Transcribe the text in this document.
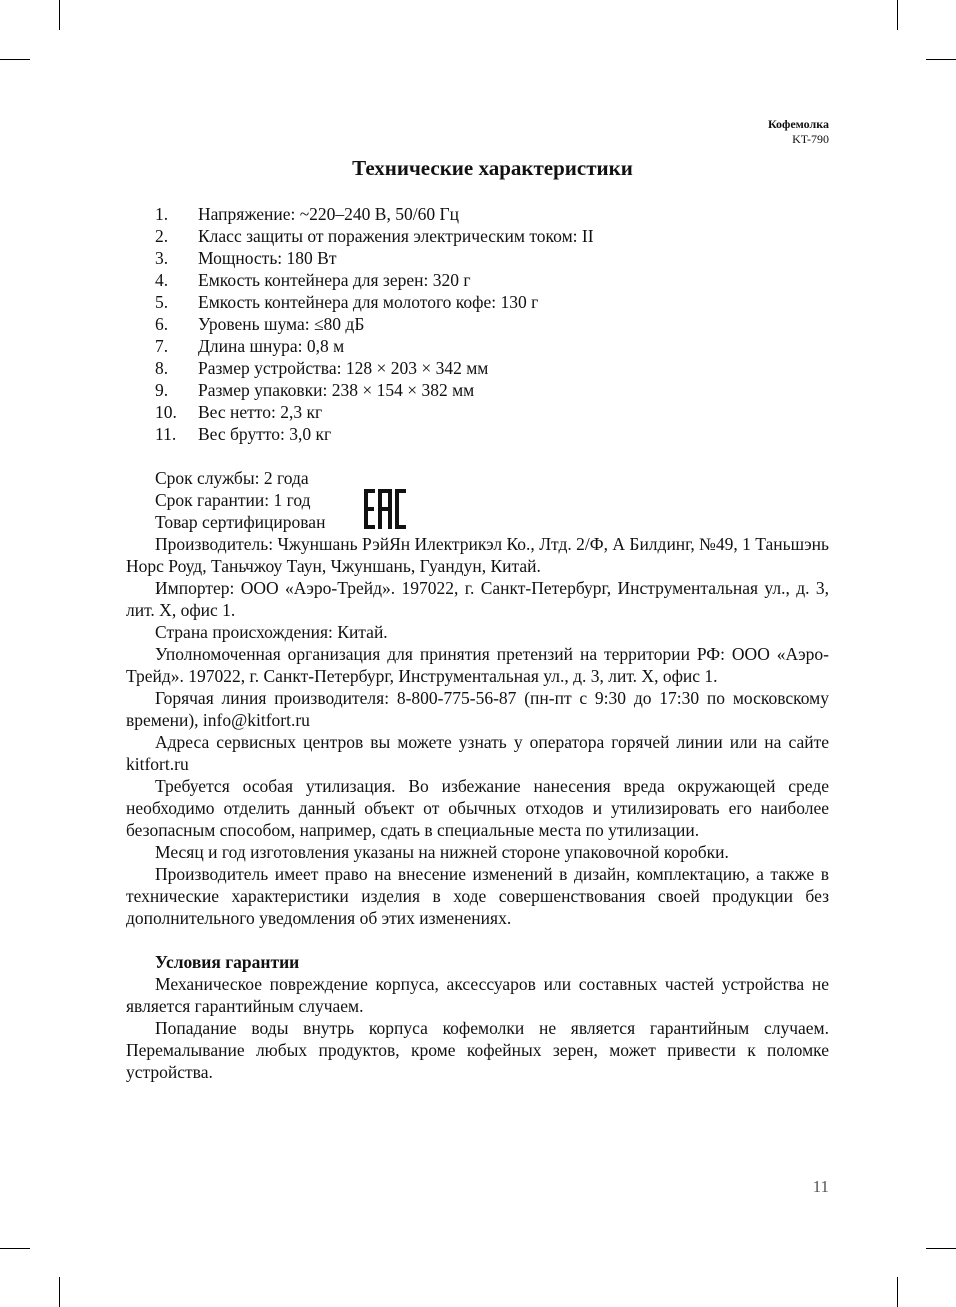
Кофемолка
KT-790
Технические характеристики
1.	Напряжение: ~220–240 В, 50/60 Гц
2.	Класс защиты от поражения электрическим током: II
3.	Мощность: 180 Вт
4.	Емкость контейнера для зерен: 320 г
5.	Емкость контейнера для молотого кофе: 130 г
6.	Уровень шума: ≤80 дБ
7.	Длина шнура: 0,8 м
8.	Размер устройства: 128 × 203 × 342 мм
9.	Размер упаковки: 238 × 154 × 382 мм
10.	Вес нетто: 2,3 кг
11.	Вес брутто: 3,0 кг
Срок службы: 2 года
Срок гарантии: 1 год
Товар сертифицирован

Производитель: Чжуншань РэйЯн Илектрикэл Ко., Лтд. 2/Ф, А Билдинг, №49, 1 Таньшэнь Норс Роуд, Таньчжоу Таун, Чжуншань, Гуандун, Китай.

Импортер: ООО «Аэро-Трейд». 197022, г. Санкт-Петербург, Инструментальная ул., д. 3, лит. Х, офис 1.

Страна происхождения: Китай.

Уполномоченная организация для принятия претензий на территории РФ: ООО «Аэро-Трейд». 197022, г. Санкт-Петербург, Инструментальная ул., д. 3, лит. Х, офис 1.

Горячая линия производителя: 8-800-775-56-87 (пн-пт с 9:30 до 17:30 по московскому времени), info@kitfort.ru

Адреса сервисных центров вы можете узнать у оператора горячей линии или на сайте kitfort.ru

Требуется особая утилизация. Во избежание нанесения вреда окружающей среде необходимо отделить данный объект от обычных отходов и утилизировать его наиболее безопасным способом, например, сдать в специальные места по утилизации.

Месяц и год изготовления указаны на нижней стороне упаковочной коробки.

Производитель имеет право на внесение изменений в дизайн, комплектацию, а также в технические характеристики изделия в ходе совершенствования своей продукции без дополнительного уведомления об этих изменениях.

Условия гарантии

Механическое повреждение корпуса, аксессуаров или составных частей устройства не является гарантийным случаем.

Попадание воды внутрь корпуса кофемолки не является гарантийным случаем. Перемалывание любых продуктов, кроме кофейных зерен, может привести к поломке устройства.

11
